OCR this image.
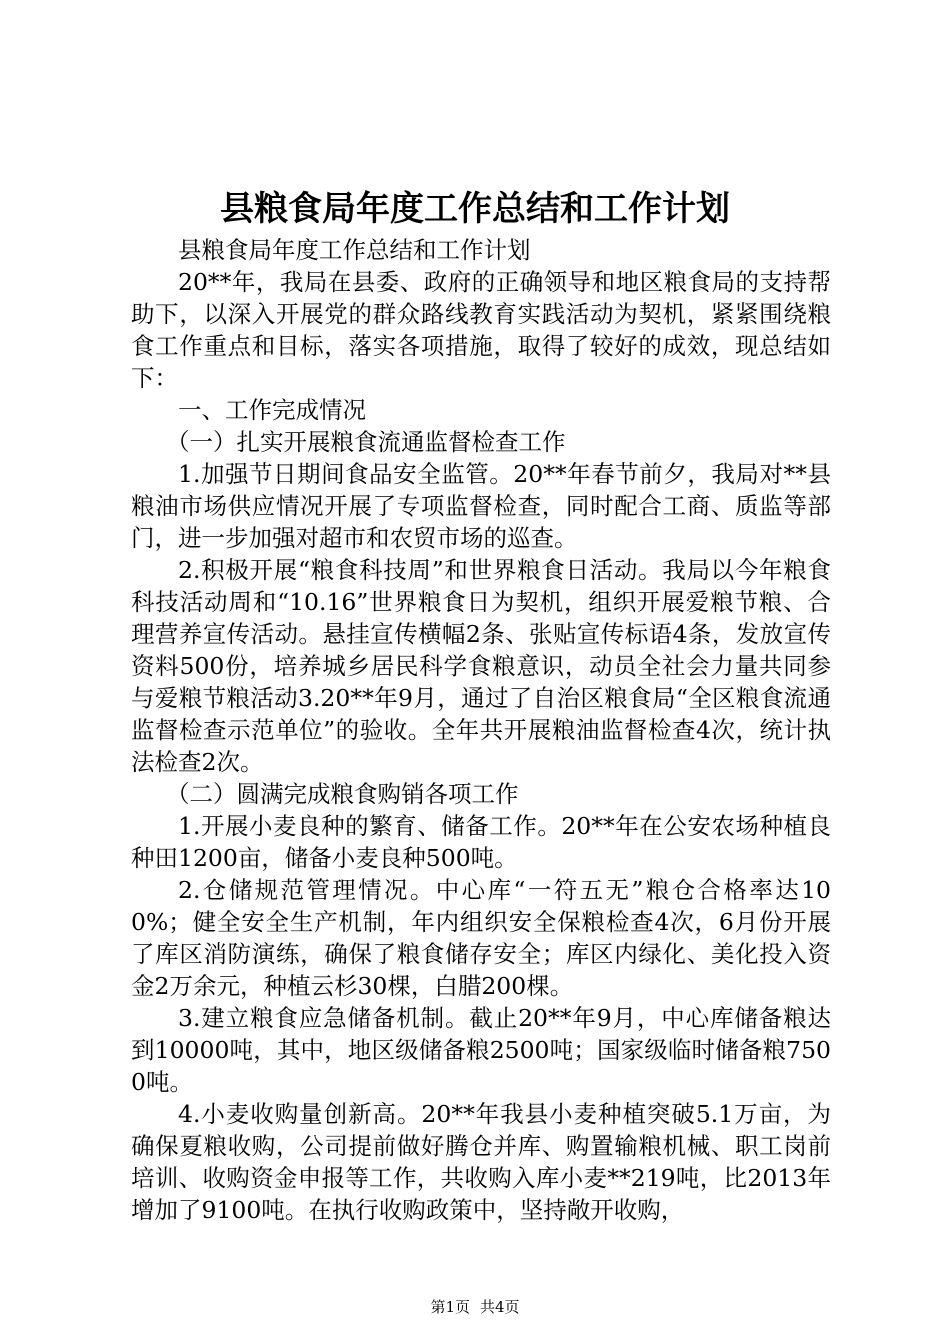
县粮食局年度工作总结和工作计划

县粮食局年度工作总结和工作计划

20**年，我局在县委、政府的正确领导和地区粮食局的支持帮助下，以深入开展党的群众路线教育实践活动为契机，紧紧围绕粮食工作重点和目标，落实各项措施，取得了较好的成效，现总结如下：

一、工作完成情况

（一）扎实开展粮食流通监督检查工作

1.加强节日期间食品安全监管。20**年春节前夕，我局对**县粮油市场供应情况开展了专项监督检查，同时配合工商、质监等部门，进一步加强对超市和农贸市场的巡查。

2.积极开展“粮食科技周”和世界粮食日活动。我局以今年粮食科技活动周和“10.16”世界粮食日为契机，组织开展爱粮节粮、合理营养宣传活动。悬挂宣传横幅2条、张贴宣传标语4条，发放宣传资料500份，培养城乡居民科学食粮意识，动员全社会力量共同参与爱粮节粮活动3.20**年9月，通过了自治区粮食局“全区粮食流通监督检查示范单位”的验收。全年共开展粮油监督检查4次，统计执法检查2次。

（二）圆满完成粮食购销各项工作

1.开展小麦良种的繁育、储备工作。20**年在公安农场种植良种田1200亩，储备小麦良种500吨。

2.仓储规范管理情况。中心库“一符五无”粮仓合格率达100%；健全安全生产机制，年内组织安全保粮检查4次，6月份开展了库区消防演练，确保了粮食储存安全；库区内绿化、美化投入资金2万余元，种植云杉30棵，白腊200棵。

3.建立粮食应急储备机制。截止20**年9月，中心库储备粮达到10000吨，其中，地区级储备粮2500吨；国家级临时储备粮7500吨。

4.小麦收购量创新高。20**年我县小麦种植突破5.1万亩，为确保夏粮收购，公司提前做好腾仓并库、购置输粮机械、职工岗前培训、收购资金申报等工作，共收购入库小麦**219吨，比2013年增加了9100吨。在执行收购政策中，坚持敞开收购，

第1页 共4页
